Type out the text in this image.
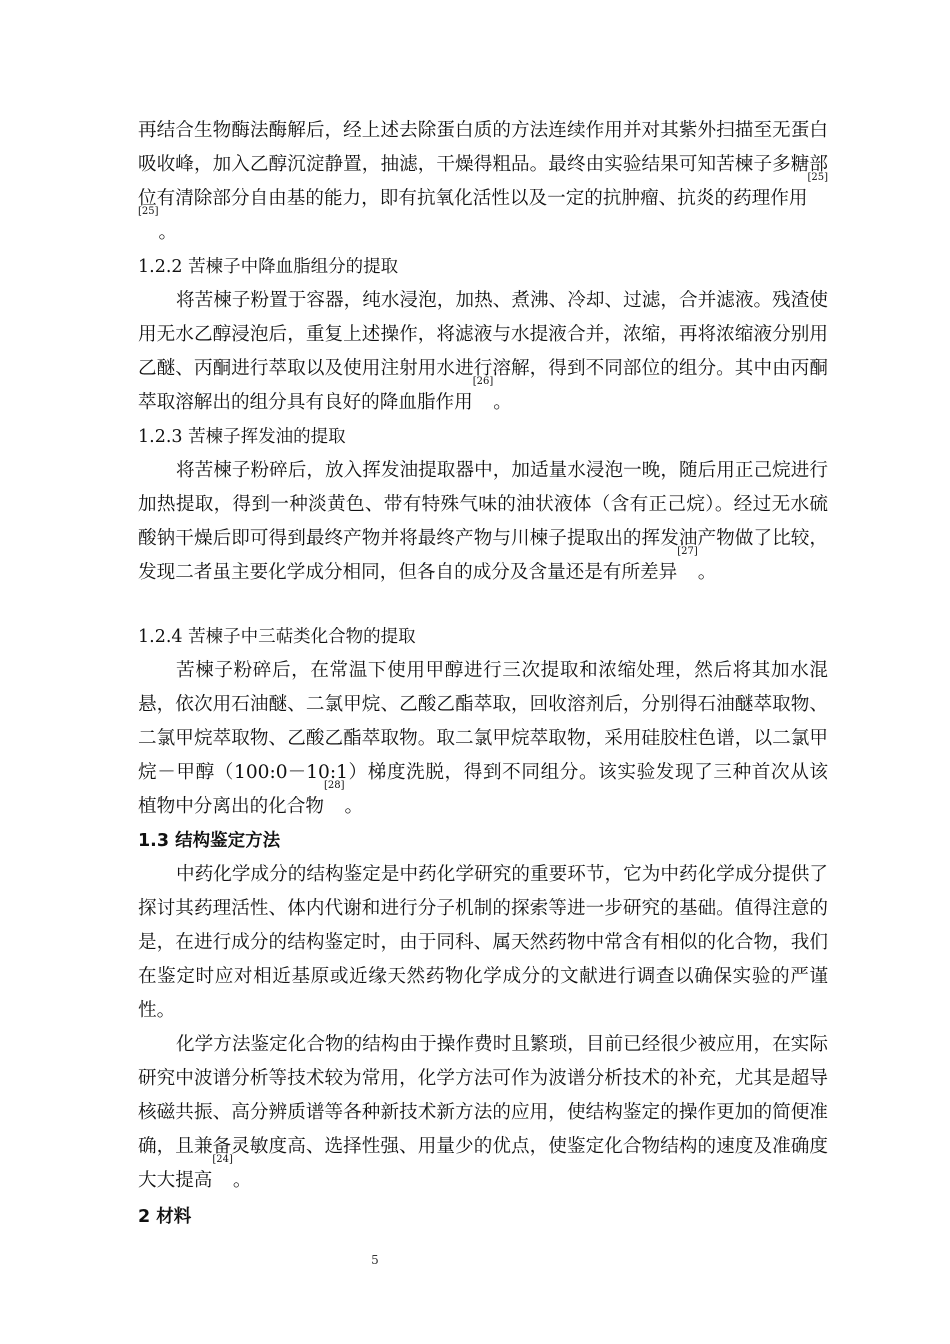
再结合生物酶法酶解后，经上述去除蛋白质的方法连续作用并对其紫外扫描至无蛋白吸收峰，加入乙醇沉淀静置，抽滤，干燥得粗品。最终由实验结果可知苦楝子多糖部位有清除部分自由基的能力，即有抗氧化活性以及一定的抗肿瘤、抗炎的药理作用[25][25]。

1.2.2 苦楝子中降血脂组分的提取

将苦楝子粉置于容器，纯水浸泡，加热、煮沸、冷却、过滤，合并滤液。残渣使用无水乙醇浸泡后，重复上述操作，将滤液与水提液合并，浓缩，再将浓缩液分别用乙醚、丙酮进行萃取以及使用注射用水进行溶解，得到不同部位的组分。其中由丙酮萃取溶解出的组分具有良好的降血脂作用[26]。

1.2.3 苦楝子挥发油的提取

将苦楝子粉碎后，放入挥发油提取器中，加适量水浸泡一晚，随后用正己烷进行加热提取，得到一种淡黄色、带有特殊气味的油状液体（含有正己烷）。经过无水硫酸钠干燥后即可得到最终产物并将最终产物与川楝子提取出的挥发油产物做了比较，发现二者虽主要化学成分相同，但各自的成分及含量还是有所差异[27]。

1.2.4 苦楝子中三萜类化合物的提取

苦楝子粉碎后，在常温下使用甲醇进行三次提取和浓缩处理，然后将其加水混悬，依次用石油醚、二氯甲烷、乙酸乙酯萃取，回收溶剂后，分别得石油醚萃取物、二氯甲烷萃取物、乙酸乙酯萃取物。取二氯甲烷萃取物，采用硅胶柱色谱，以二氯甲烷－甲醇（100:0－10:1）梯度洗脱，得到不同组分。该实验发现了三种首次从该植物中分离出的化合物[28]。

1.3 结构鉴定方法

中药化学成分的结构鉴定是中药化学研究的重要环节，它为中药化学成分提供了探讨其药理活性、体内代谢和进行分子机制的探索等进一步研究的基础。值得注意的是，在进行成分的结构鉴定时，由于同科、属天然药物中常含有相似的化合物，我们在鉴定时应对相近基原或近缘天然药物化学成分的文献进行调查以确保实验的严谨性。

化学方法鉴定化合物的结构由于操作费时且繁琐，目前已经很少被应用，在实际研究中波谱分析等技术较为常用，化学方法可作为波谱分析技术的补充，尤其是超导核磁共振、高分辨质谱等各种新技术新方法的应用，使结构鉴定的操作更加的简便准确，且兼备灵敏度高、选择性强、用量少的优点，使鉴定化合物结构的速度及准确度大大提高[24]。

2 材料

5
